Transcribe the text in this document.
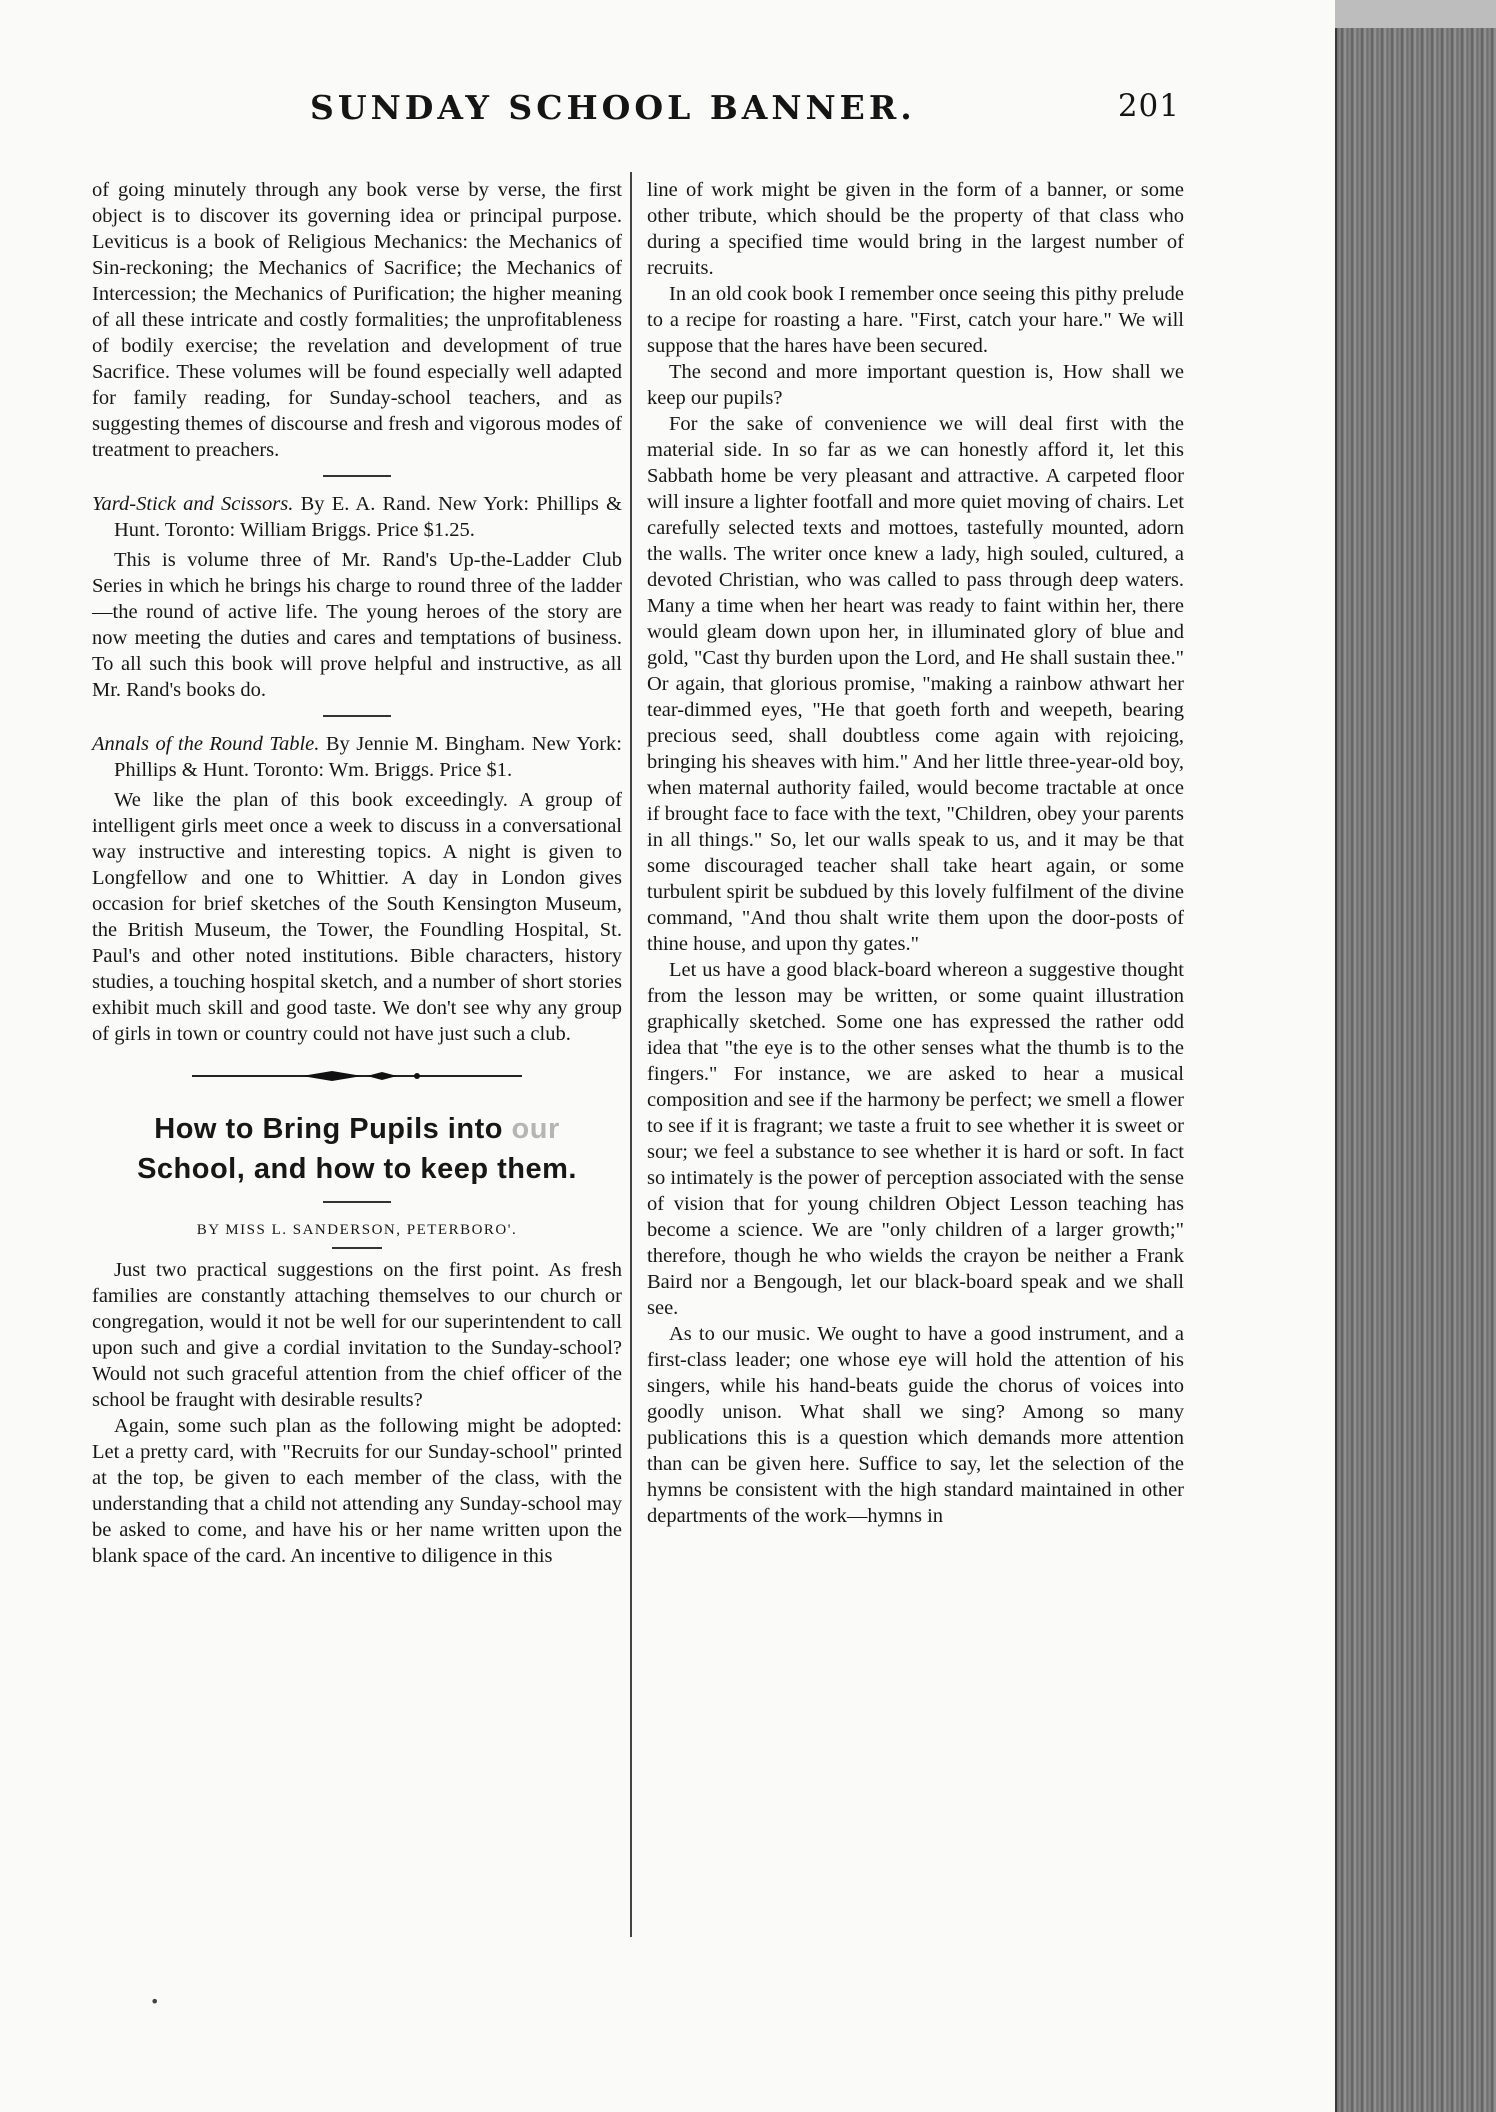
SUNDAY SCHOOL BANNER.	201

of going minutely through any book verse by verse, the first object is to discover its governing idea or principal purpose. Leviticus is a book of Religious Mechanics: the Mechanics of Sin-reckoning; the Mechanics of Sacrifice; the Mechanics of Intercession; the Mechanics of Purification; the higher meaning of all these intricate and costly formalities; the unprofitableness of bodily exercise; the revelation and development of true Sacrifice. These volumes will be found especially well adapted for family reading, for Sunday-school teachers, and as suggesting themes of discourse and fresh and vigorous modes of treatment to preachers.

Yard-Stick and Scissors. By E. A. Rand. New York: Phillips & Hunt. Toronto: William Briggs. Price $1.25.

This is volume three of Mr. Rand's Up-the-Ladder Club Series in which he brings his charge to round three of the ladder—the round of active life. The young heroes of the story are now meeting the duties and cares and temptations of business. To all such this book will prove helpful and instructive, as all Mr. Rand's books do.

Annals of the Round Table. By Jennie M. Bingham. New York: Phillips & Hunt. Toronto: Wm. Briggs. Price $1.

We like the plan of this book exceedingly. A group of intelligent girls meet once a week to discuss in a conversational way instructive and interesting topics. A night is given to Longfellow and one to Whittier. A day in London gives occasion for brief sketches of the South Kensington Museum, the British Museum, the Tower, the Foundling Hospital, St. Paul's and other noted institutions. Bible characters, history studies, a touching hospital sketch, and a number of short stories exhibit much skill and good taste. We don't see why any group of girls in town or country could not have just such a club.

How to Bring Pupils into our
School, and how to keep them.

BY MISS L. SANDERSON, PETERBORO'.

Just two practical suggestions on the first point. As fresh families are constantly attaching themselves to our church or congregation, would it not be well for our superintendent to call upon such and give a cordial invitation to the Sunday-school? Would not such graceful attention from the chief officer of the school be fraught with desirable results?

Again, some such plan as the following might be adopted: Let a pretty card, with "Recruits for our Sunday-school" printed at the top, be given to each member of the class, with the understanding that a child not attending any Sunday-school may be asked to come, and have his or her name written upon the blank space of the card. An incentive to diligence in this

line of work might be given in the form of a banner, or some other tribute, which should be the property of that class who during a specified time would bring in the largest number of recruits.

In an old cook book I remember once seeing this pithy prelude to a recipe for roasting a hare. "First, catch your hare." We will suppose that the hares have been secured.

The second and more important question is, How shall we keep our pupils?

For the sake of convenience we will deal first with the material side. In so far as we can honestly afford it, let this Sabbath home be very pleasant and attractive. A carpeted floor will insure a lighter footfall and more quiet moving of chairs. Let carefully selected texts and mottoes, tastefully mounted, adorn the walls. The writer once knew a lady, high souled, cultured, a devoted Christian, who was called to pass through deep waters. Many a time when her heart was ready to faint within her, there would gleam down upon her, in illuminated glory of blue and gold, "Cast thy burden upon the Lord, and He shall sustain thee." Or again, that glorious promise, "making a rainbow athwart her tear-dimmed eyes, "He that goeth forth and weepeth, bearing precious seed, shall doubtless come again with rejoicing, bringing his sheaves with him." And her little three-year-old boy, when maternal authority failed, would become tractable at once if brought face to face with the text, "Children, obey your parents in all things." So, let our walls speak to us, and it may be that some discouraged teacher shall take heart again, or some turbulent spirit be subdued by this lovely fulfilment of the divine command, "And thou shalt write them upon the door-posts of thine house, and upon thy gates."

Let us have a good black-board whereon a suggestive thought from the lesson may be written, or some quaint illustration graphically sketched. Some one has expressed the rather odd idea that "the eye is to the other senses what the thumb is to the fingers." For instance, we are asked to hear a musical composition and see if the harmony be perfect; we smell a flower to see if it is fragrant; we taste a fruit to see whether it is sweet or sour; we feel a substance to see whether it is hard or soft. In fact so intimately is the power of perception associated with the sense of vision that for young children Object Lesson teaching has become a science. We are "only children of a larger growth;" therefore, though he who wields the crayon be neither a Frank Baird nor a Bengough, let our black-board speak and we shall see.

As to our music. We ought to have a good instrument, and a first-class leader; one whose eye will hold the attention of his singers, while his hand-beats guide the chorus of voices into goodly unison. What shall we sing? Among so many publications this is a question which demands more attention than can be given here. Suffice to say, let the selection of the hymns be consistent with the high standard maintained in other departments of the work—hymns in

•
